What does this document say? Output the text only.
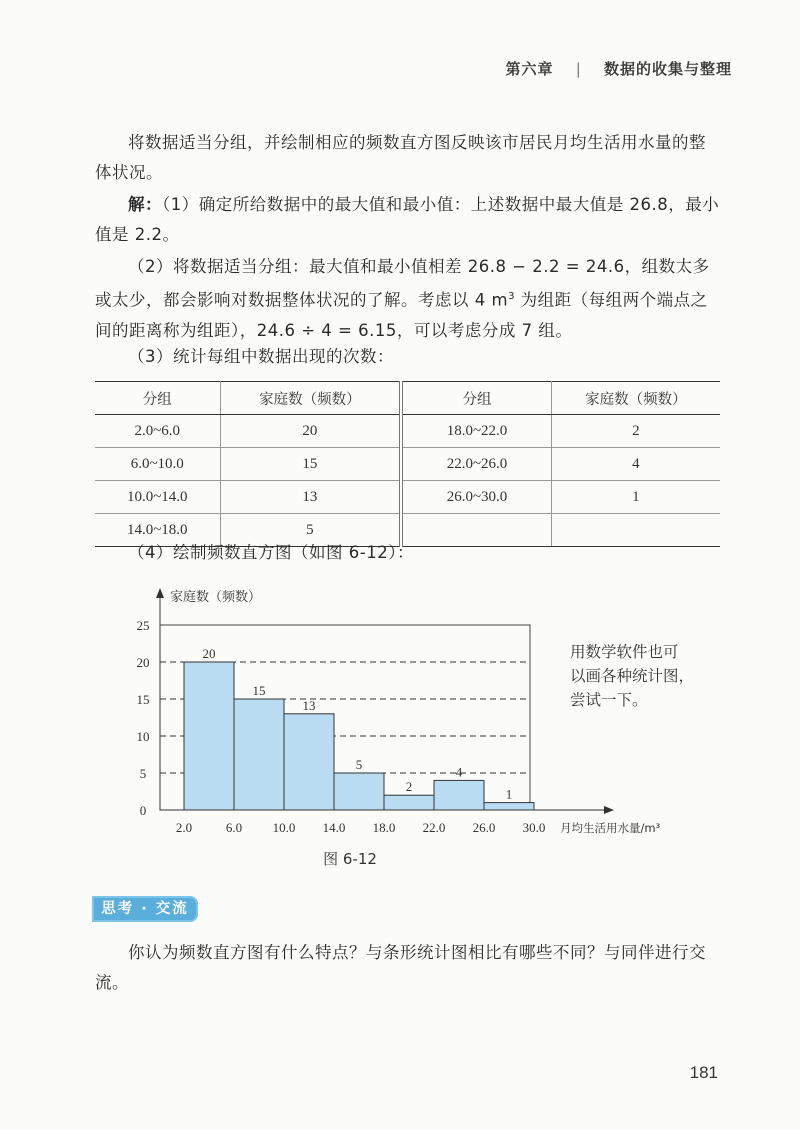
第六章 | 数据的收集与整理

将数据适当分组，并绘制相应的频数直方图反映该市居民月均生活用水量的整体状况。

解：（1）确定所给数据中的最大值和最小值：上述数据中最大值是 26.8，最小值是 2.2。

（2）将数据适当分组：最大值和最小值相差 26.8 − 2.2 = 24.6，组数太多或太少，都会影响对数据整体状况的了解。考虑以 4 $m^3$ 为组距（每组两个端点之间的距离称为组距），24.6 ÷ 4 = 6.15，可以考虑分成 7 组。

（3）统计每组中数据出现的次数：

分组	家庭数（频数）	分组	家庭数（频数）
2.0~6.0	20	18.0~22.0	2
6.0~10.0	15	22.0~26.0	4
10.0~14.0	13	26.0~30.0	1
14.0~18.0	5		

（4）绘制频数直方图（如图 6-12）：

20
15
13
5
2
4
1
0
5
10
15
20
25
2.0	6.0 10.0 14.0 18.0 22.0 26.0 30.0
家庭数（频数）
月均生活用水量/m³
图 6-12
用数学软件也可
以画各种统计图，
尝试一下。
思考 · 交流

你认为频数直方图有什么特点？与条形统计图相比有哪些不同？与同伴进行交流。

181
